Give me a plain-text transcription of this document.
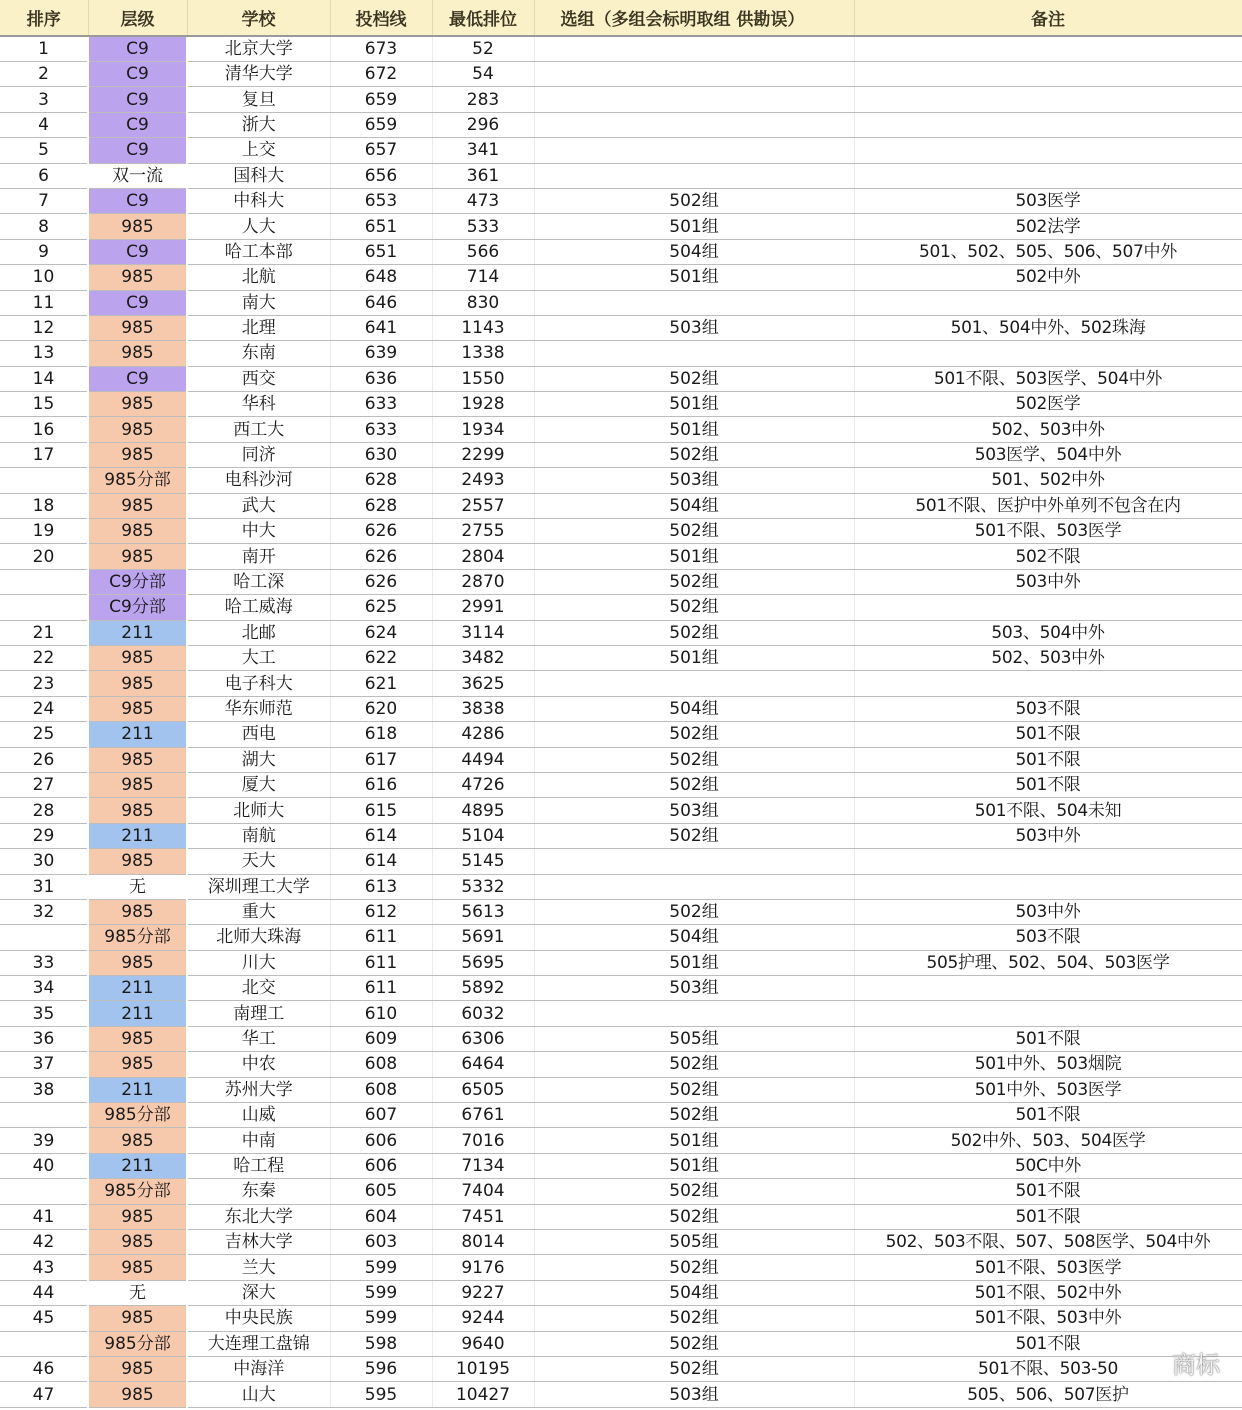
排序	层级	学校	投档线	最低排位	选组（多组会标明取组 供勘误）	备注
1	C9	北京大学	673	52		
2	C9	清华大学	672	54		
3	C9	复旦	659	283		
4	C9	浙大	659	296		
5	C9	上交	657	341		
6	双一流	国科大	656	361		
7	C9	中科大	653	473	502组	503医学
8	985	人大	651	533	501组	502法学
9	C9	哈工本部	651	566	504组	501、502、505、506、507中外
10	985	北航	648	714	501组	502中外
11	C9	南大	646	830		
12	985	北理	641	1143	503组	501、504中外、502珠海
13	985	东南	639	1338		
14	C9	西交	636	1550	502组	501不限、503医学、504中外
15	985	华科	633	1928	501组	502医学
16	985	西工大	633	1934	501组	502、503中外
17	985	同济	630	2299	502组	503医学、504中外
	985分部	电科沙河	628	2493	503组	501、502中外
18	985	武大	628	2557	504组	501不限、医护中外单列不包含在内
19	985	中大	626	2755	502组	501不限、503医学
20	985	南开	626	2804	501组	502不限
	C9分部	哈工深	626	2870	502组	503中外
	C9分部	哈工威海	625	2991	502组	
21	211	北邮	624	3114	502组	503、504中外
22	985	大工	622	3482	501组	502、503中外
23	985	电子科大	621	3625		
24	985	华东师范	620	3838	504组	503不限
25	211	西电	618	4286	502组	501不限
26	985	湖大	617	4494	502组	501不限
27	985	厦大	616	4726	502组	501不限
28	985	北师大	615	4895	503组	501不限、504未知
29	211	南航	614	5104	502组	503中外
30	985	天大	614	5145		
31	无	深圳理工大学	613	5332		
32	985	重大	612	5613	502组	503中外
	985分部	北师大珠海	611	5691	504组	503不限
33	985	川大	611	5695	501组	505护理、502、504、503医学
34	211	北交	611	5892	503组	
35	211	南理工	610	6032		
36	985	华工	609	6306	505组	501不限
37	985	中农	608	6464	502组	501中外、503烟院
38	211	苏州大学	608	6505	502组	501中外、503医学
	985分部	山威	607	6761	502组	501不限
39	985	中南	606	7016	501组	502中外、503、504医学
40	211	哈工程	606	7134	501组	50C中外
	985分部	东秦	605	7404	502组	501不限
41	985	东北大学	604	7451	502组	501不限
42	985	吉林大学	603	8014	505组	502、503不限、507、508医学、504中外
43	985	兰大	599	9176	502组	501不限、503医学
44	无	深大	599	9227	504组	501不限、502中外
45	985	中央民族	599	9244	502组	501不限、503中外
	985分部	大连理工盘锦	598	9640	502组	501不限
46	985	中海洋	596	10195	502组	501不限、503-50
47	985	山大	595	10427	503组	505、506、507医护
商标
